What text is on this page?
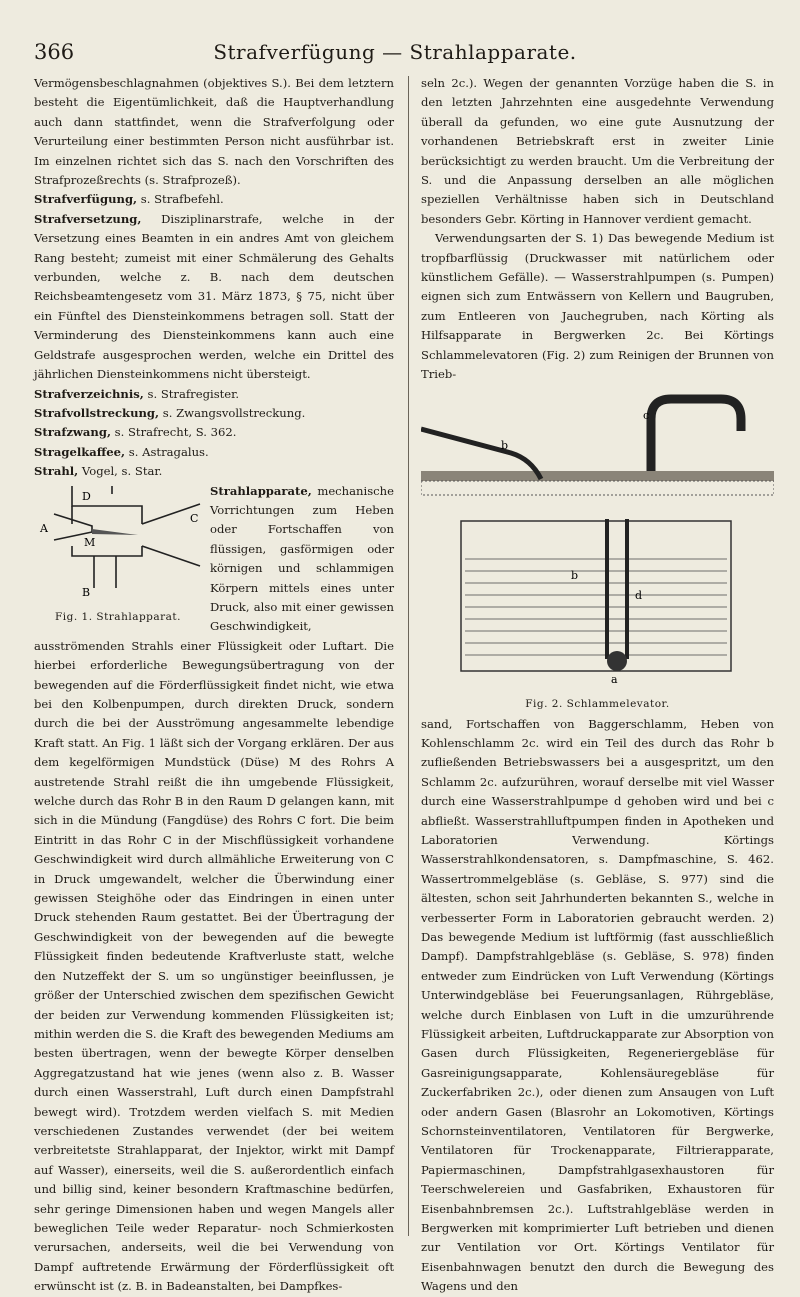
366	Strafverfügung — Strahlapparate.

Vermögensbeschlagnahmen (objektives S.). Bei dem letztern besteht die Eigentümlichkeit, daß die Hauptverhandlung auch dann stattfindet, wenn die Strafverfolgung oder Verurteilung einer bestimmten Person nicht ausführbar ist. Im einzelnen richtet sich das S. nach den Vorschriften des Strafprozeßrechts (s. Strafprozeß).

Strafverfügung, s. Strafbefehl.

Strafversetzung, Disziplinarstrafe, welche in der Versetzung eines Beamten in ein andres Amt von gleichem Rang besteht; zumeist mit einer Schmälerung des Gehalts verbunden, welche z. B. nach dem deutschen Reichsbeamtengesetz vom 31. März 1873, § 75, nicht über ein Fünftel des Diensteinkommens betragen soll. Statt der Verminderung des Diensteinkommens kann auch eine Geldstrafe ausgesprochen werden, welche ein Drittel des jährlichen Diensteinkommens nicht übersteigt.

Strafverzeichnis, s. Strafregister.

Strafvollstreckung, s. Zwangsvollstreckung.

Strafzwang, s. Strafrecht, S. 362.

Stragelkaffee, s. Astragalus.

Strahl, Vogel, s. Star.

D
A
M
C
B
Fig. 1. Strahlapparat.

Strahlapparate, mechanische Vorrichtungen zum Heben oder Fortschaffen von flüssigen, gasförmigen oder körnigen und schlammigen Körpern mittels eines unter Druck, also mit einer gewissen Geschwindigkeit, ausströmenden Strahls einer Flüssigkeit oder Luftart. Die hierbei erforderliche Bewegungsübertragung von der bewegenden auf die Förderflüssigkeit findet nicht, wie etwa bei den Kolbenpumpen, durch direkten Druck, sondern durch die bei der Ausströmung angesammelte lebendige Kraft statt. An Fig. 1 läßt sich der Vorgang erklären. Der aus dem kegelförmigen Mundstück (Düse) M des Rohrs A austretende Strahl reißt die ihn umgebende Flüssigkeit, welche durch das Rohr B in den Raum D gelangen kann, mit sich in die Mündung (Fangdüse) des Rohrs C fort. Die beim Eintritt in das Rohr C in der Mischflüssigkeit vorhandene Geschwindigkeit wird durch allmähliche Erweiterung von C in Druck umgewandelt, welcher die Überwindung einer gewissen Steighöhe oder das Eindringen in einen unter Druck stehenden Raum gestattet. Bei der Übertragung der Geschwindigkeit von der bewegenden auf die bewegte Flüssigkeit finden bedeutende Kraftverluste statt, welche den Nutzeffekt der S. um so ungünstiger beeinflussen, je größer der Unterschied zwischen dem spezifischen Gewicht der beiden zur Verwendung kommenden Flüssigkeiten ist; mithin werden die S. die Kraft des bewegenden Mediums am besten übertragen, wenn der bewegte Körper denselben Aggregatzustand hat wie jenes (wenn also z. B. Wasser durch einen Wasserstrahl, Luft durch einen Dampfstrahl bewegt wird). Trotzdem werden vielfach S. mit Medien verschiedenen Zustandes verwendet (der bei weitem verbreitetste Strahlapparat, der Injektor, wirkt mit Dampf auf Wasser), einerseits, weil die S. außerordentlich einfach und billig sind, keiner besondern Kraftmaschine bedürfen, sehr geringe Dimensionen haben und wegen Mangels aller beweglichen Teile weder Reparatur- noch Schmierkosten verursachen, anderseits, weil die bei Verwendung von Dampf auftretende Erwärmung der Förderflüssigkeit oft erwünscht ist (z. B. in Badeanstalten, bei Dampfkes-

seln 2c.). Wegen der genannten Vorzüge haben die S. in den letzten Jahrzehnten eine ausgedehnte Verwendung überall da gefunden, wo eine gute Ausnutzung der vorhandenen Betriebskraft erst in zweiter Linie berücksichtigt zu werden braucht. Um die Verbreitung der S. und die Anpassung derselben an alle möglichen speziellen Verhältnisse haben sich in Deutschland besonders Gebr. Körting in Hannover verdient gemacht.

Verwendungsarten der S. 1) Das bewegende Medium ist tropfbarflüssig (Druckwasser mit natürlichem oder künstlichem Gefälle). — Wasserstrahlpumpen (s. Pumpen) eignen sich zum Entwässern von Kellern und Baugruben, zum Entleeren von Jauchegruben, nach Körting als Hilfsapparate in Bergwerken 2c. Bei Körtings Schlammelevatoren (Fig. 2) zum Reinigen der Brunnen von Trieb-

c
b
b
d
a
Fig. 2. Schlammelevator.

sand, Fortschaffen von Baggerschlamm, Heben von Kohlenschlamm 2c. wird ein Teil des durch das Rohr b zufließenden Betriebswassers bei a ausgespritzt, um den Schlamm 2c. aufzurühren, worauf derselbe mit viel Wasser durch eine Wasserstrahlpumpe d gehoben wird und bei c abfließt. Wasserstrahlluftpumpen finden in Apotheken und Laboratorien Verwendung. Körtings Wasserstrahlkondensatoren, s. Dampfmaschine, S. 462. Wassertrommelgebläse (s. Gebläse, S. 977) sind die ältesten, schon seit Jahrhunderten bekannten S., welche in verbesserter Form in Laboratorien gebraucht werden. 2) Das bewegende Medium ist luftförmig (fast ausschließlich Dampf). Dampfstrahlgebläse (s. Gebläse, S. 978) finden entweder zum Eindrücken von Luft Verwendung (Körtings Unterwindgebläse bei Feuerungsanlagen, Rührgebläse, welche durch Einblasen von Luft in die umzurührende Flüssigkeit arbeiten, Luftdruckapparate zur Absorption von Gasen durch Flüssigkeiten, Regeneriergebläse für Gasreinigungsapparate, Kohlensäuregebläse für Zuckerfabriken 2c.), oder dienen zum Ansaugen von Luft oder andern Gasen (Blasrohr an Lokomotiven, Körtings Schornsteinventilatoren, Ventilatoren für Bergwerke, Ventilatoren für Trockenapparate, Filtrierapparate, Papiermaschinen, Dampfstrahlgasexhaustoren für Teerschwelereien und Gasfabriken, Exhaustoren für Eisenbahnbremsen 2c.). Luftstrahlgebläse werden in Bergwerken mit komprimierter Luft betrieben und dienen zur Ventilation vor Ort. Körtings Ventilator für Eisenbahnwagen benutzt den durch die Bewegung des Wagens und den
